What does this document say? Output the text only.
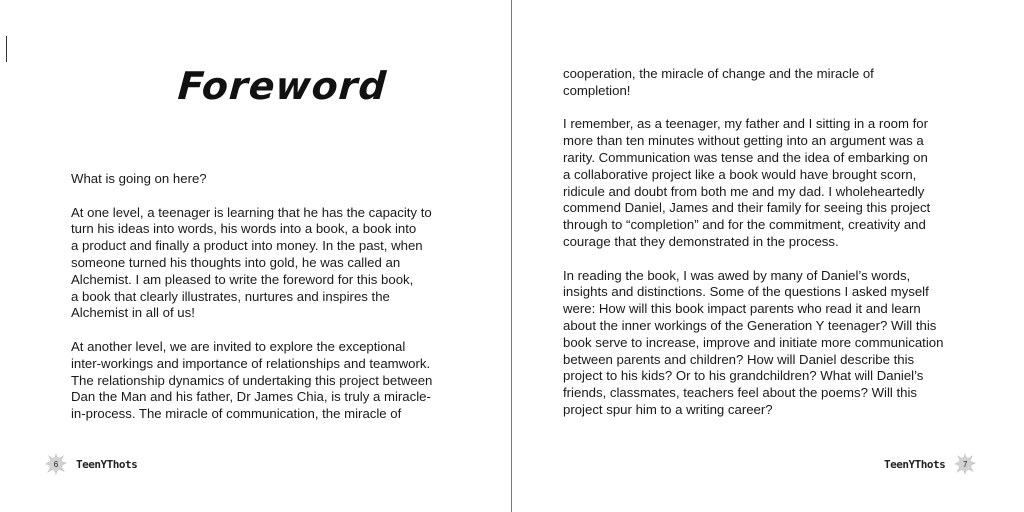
Foreword

What is going on here?

At one level, a teenager is learning that he has the capacity to
turn his ideas into words, his words into a book, a book into
a product and finally a product into money. In the past, when
someone turned his thoughts into gold, he was called an
Alchemist. I am pleased to write the foreword for this book,
a book that clearly illustrates, nurtures and inspires the
Alchemist in all of us!

At another level, we are invited to explore the exceptional
inter-workings and importance of relationships and teamwork.
The relationship dynamics of undertaking this project between
Dan the Man and his father, Dr James Chia, is truly a miracle-
in-process. The miracle of communication, the miracle of

6 TeenYThots

cooperation, the miracle of change and the miracle of
completion!

I remember, as a teenager, my father and I sitting in a room for
more than ten minutes without getting into an argument was a
rarity. Communication was tense and the idea of embarking on
a collaborative project like a book would have brought scorn,
ridicule and doubt from both me and my dad. I wholeheartedly
commend Daniel, James and their family for seeing this project
through to “completion” and for the commitment, creativity and
courage that they demonstrated in the process.

In reading the book, I was awed by many of Daniel’s words,
insights and distinctions. Some of the questions I asked myself
were: How will this book impact parents who read it and learn
about the inner workings of the Generation Y teenager? Will this
book serve to increase, improve and initiate more communication
between parents and children? How will Daniel describe this
project to his kids? Or to his grandchildren? What will Daniel’s
friends, classmates, teachers feel about the poems? Will this
project spur him to a writing career?

TeenYThots 7
